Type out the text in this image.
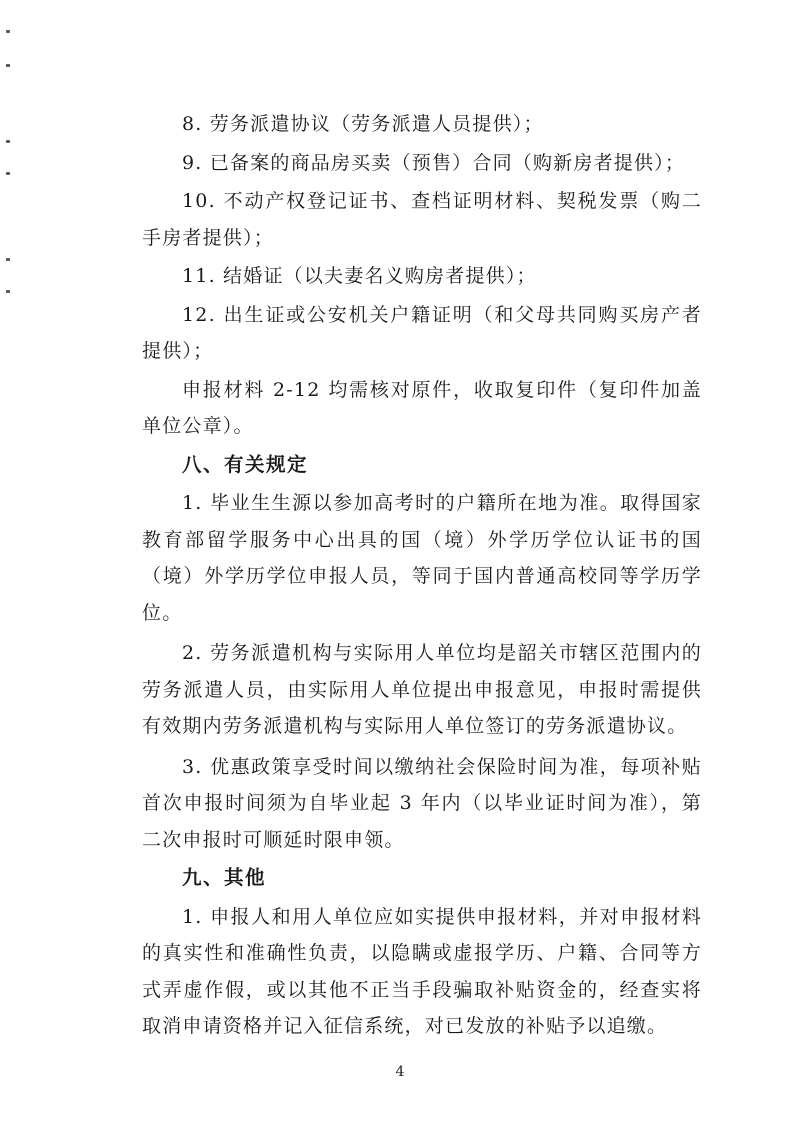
8. 劳务派遣协议（劳务派遣人员提供）；

9. 已备案的商品房买卖（预售）合同（购新房者提供）；

10. 不动产权登记证书、查档证明材料、契税发票（购二手房者提供）；

11. 结婚证（以夫妻名义购房者提供）；

12. 出生证或公安机关户籍证明（和父母共同购买房产者提供）；

申报材料 2-12 均需核对原件，收取复印件（复印件加盖单位公章）。

八、有关规定

1. 毕业生生源以参加高考时的户籍所在地为准。取得国家教育部留学服务中心出具的国（境）外学历学位认证书的国（境）外学历学位申报人员，等同于国内普通高校同等学历学位。

2. 劳务派遣机构与实际用人单位均是韶关市辖区范围内的劳务派遣人员，由实际用人单位提出申报意见，申报时需提供有效期内劳务派遣机构与实际用人单位签订的劳务派遣协议。

3. 优惠政策享受时间以缴纳社会保险时间为准，每项补贴首次申报时间须为自毕业起 3 年内（以毕业证时间为准），第二次申报时可顺延时限申领。

九、其他

1. 申报人和用人单位应如实提供申报材料，并对申报材料的真实性和准确性负责，以隐瞒或虚报学历、户籍、合同等方式弄虚作假，或以其他不正当手段骗取补贴资金的，经查实将取消申请资格并记入征信系统，对已发放的补贴予以追缴。

4
